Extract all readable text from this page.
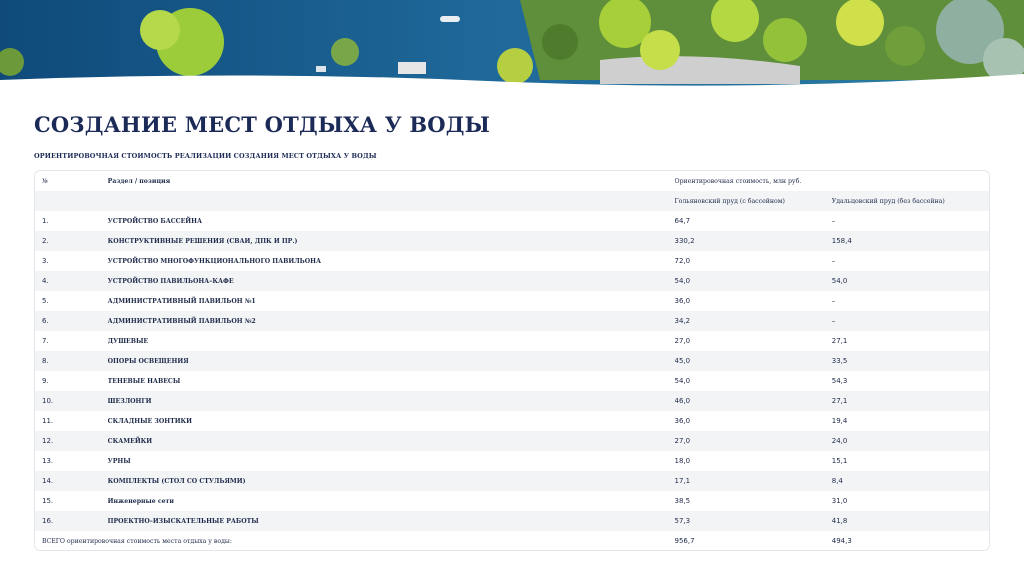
СОЗДАНИЕ МЕСТ ОТДЫХА У ВОДЫ

ОРИЕНТИРОВОЧНАЯ СТОИМОСТЬ РЕАЛИЗАЦИИ СОЗДАНИЯ МЕСТ ОТДЫХА У ВОДЫ

№	Раздел / позиция	Ориентировочная стоимость, млн руб.	
		Гольяновский пруд (с бассейном)	Удальцовский пруд (без бассейна)
1.	УСТРОЙСТВО БАССЕЙНА	64,7	–
2.	КОНСТРУКТИВНЫЕ РЕШЕНИЯ (СВАИ, ДПК И ПР.)	330,2	158,4
3.	УСТРОЙСТВО МНОГОФУНКЦИОНАЛЬНОГО ПАВИЛЬОНА	72,0	–
4.	УСТРОЙСТВО ПАВИЛЬОНА–КАФЕ	54,0	54,0
5.	АДМИНИСТРАТИВНЫЙ ПАВИЛЬОН №1	36,0	–
6.	АДМИНИСТРАТИВНЫЙ ПАВИЛЬОН №2	34,2	–
7.	ДУШЕВЫЕ	27,0	27,1
8.	ОПОРЫ ОСВЕЩЕНИЯ	45,0	33,5
9.	ТЕНЕВЫЕ НАВЕСЫ	54,0	54,3
10.	ШЕЗЛОНГИ	46,0	27,1
11.	СКЛАДНЫЕ ЗОНТИКИ	36,0	19,4
12.	СКАМЕЙКИ	27,0	24,0
13.	УРНЫ	18,0	15,1
14.	КОМПЛЕКТЫ (СТОЛ СО СТУЛЬЯМИ)	17,1	8,4
15.	Инженерные сети	38,5	31,0
16.	ПРОЕКТНО–ИЗЫСКАТЕЛЬНЫЕ РАБОТЫ	57,3	41,8
ВСЕГО ориентировочная стоимость места отдыха у воды:		956,7	494,3
